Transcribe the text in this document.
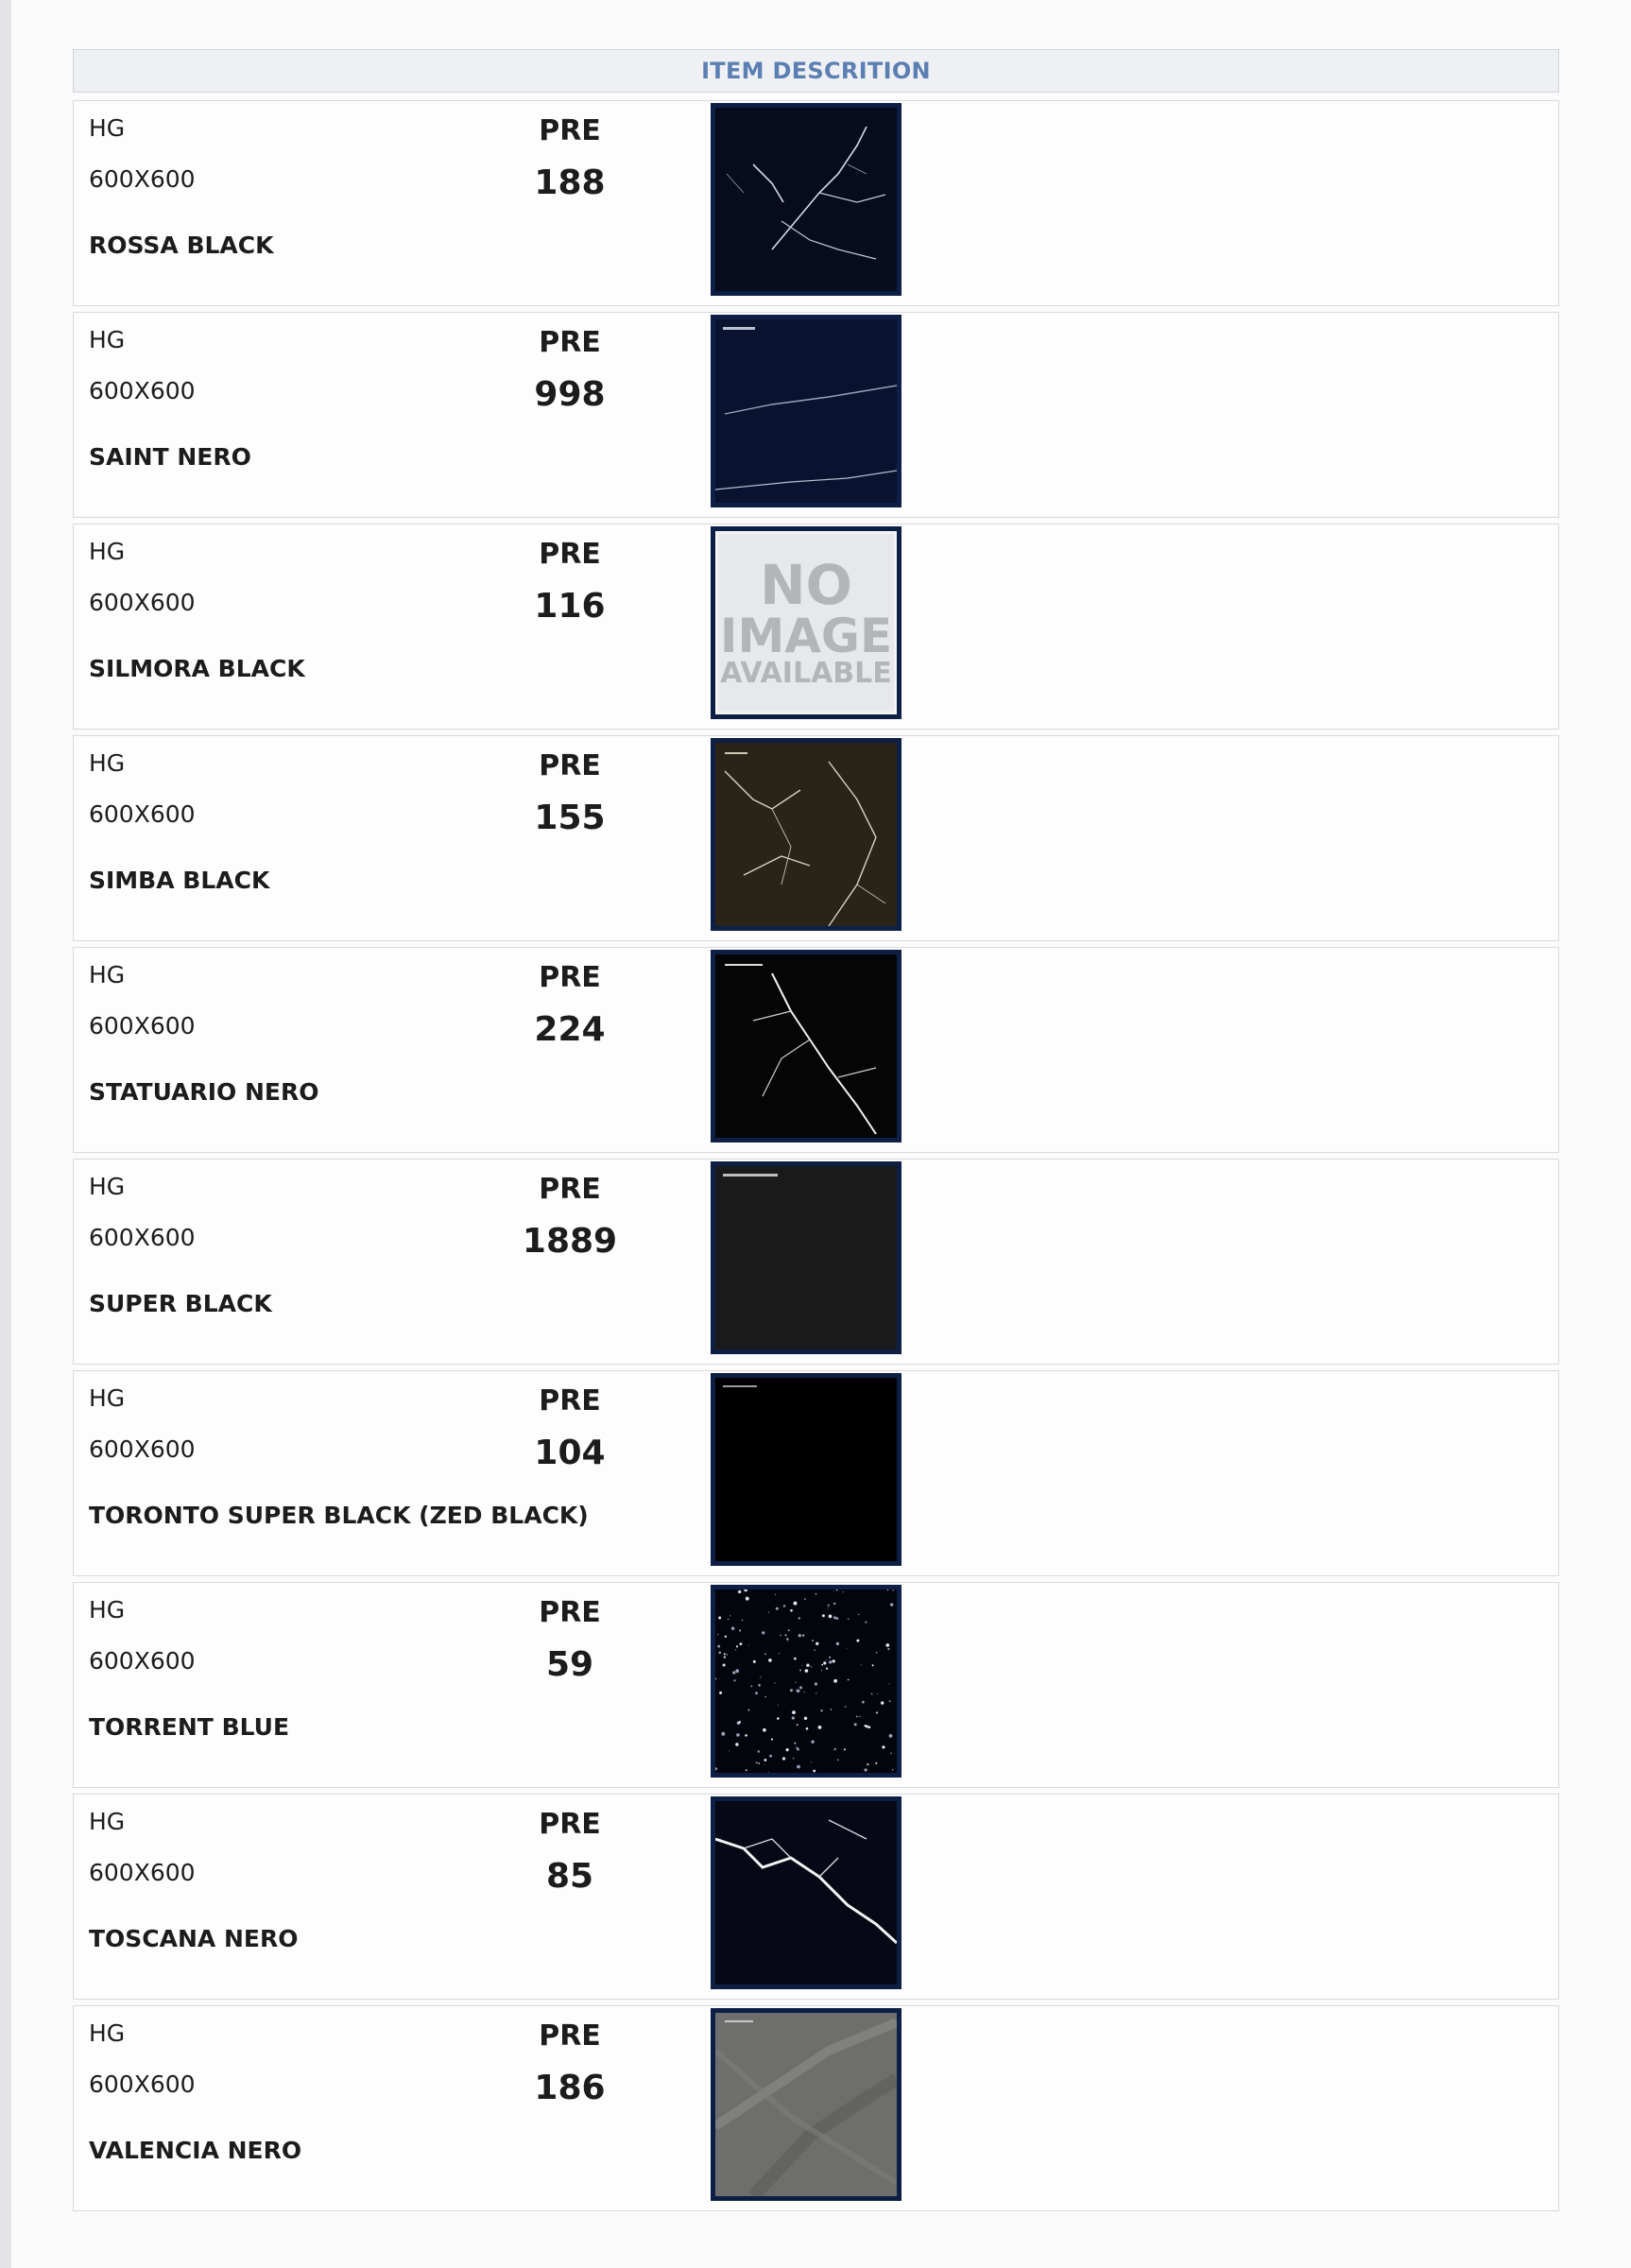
ITEM DESCRITION
HG
600X600
ROSSA BLACK
PRE
188
HG
600X600
SAINT NERO
PRE
998
HG
600X600
SILMORA BLACK
PRE
116	NO
IMAGE
AVAILABLE
HG
600X600
SIMBA BLACK
PRE
155
HG
600X600
STATUARIO NERO
PRE
224
HG
600X600
SUPER BLACK
PRE
1889
HG
600X600
TORONTO SUPER BLACK (ZED BLACK)
PRE
104
HG
600X600
TORRENT BLUE
PRE
59
HG
600X600
TOSCANA NERO
PRE
85
HG
600X600
VALENCIA NERO
PRE
186
